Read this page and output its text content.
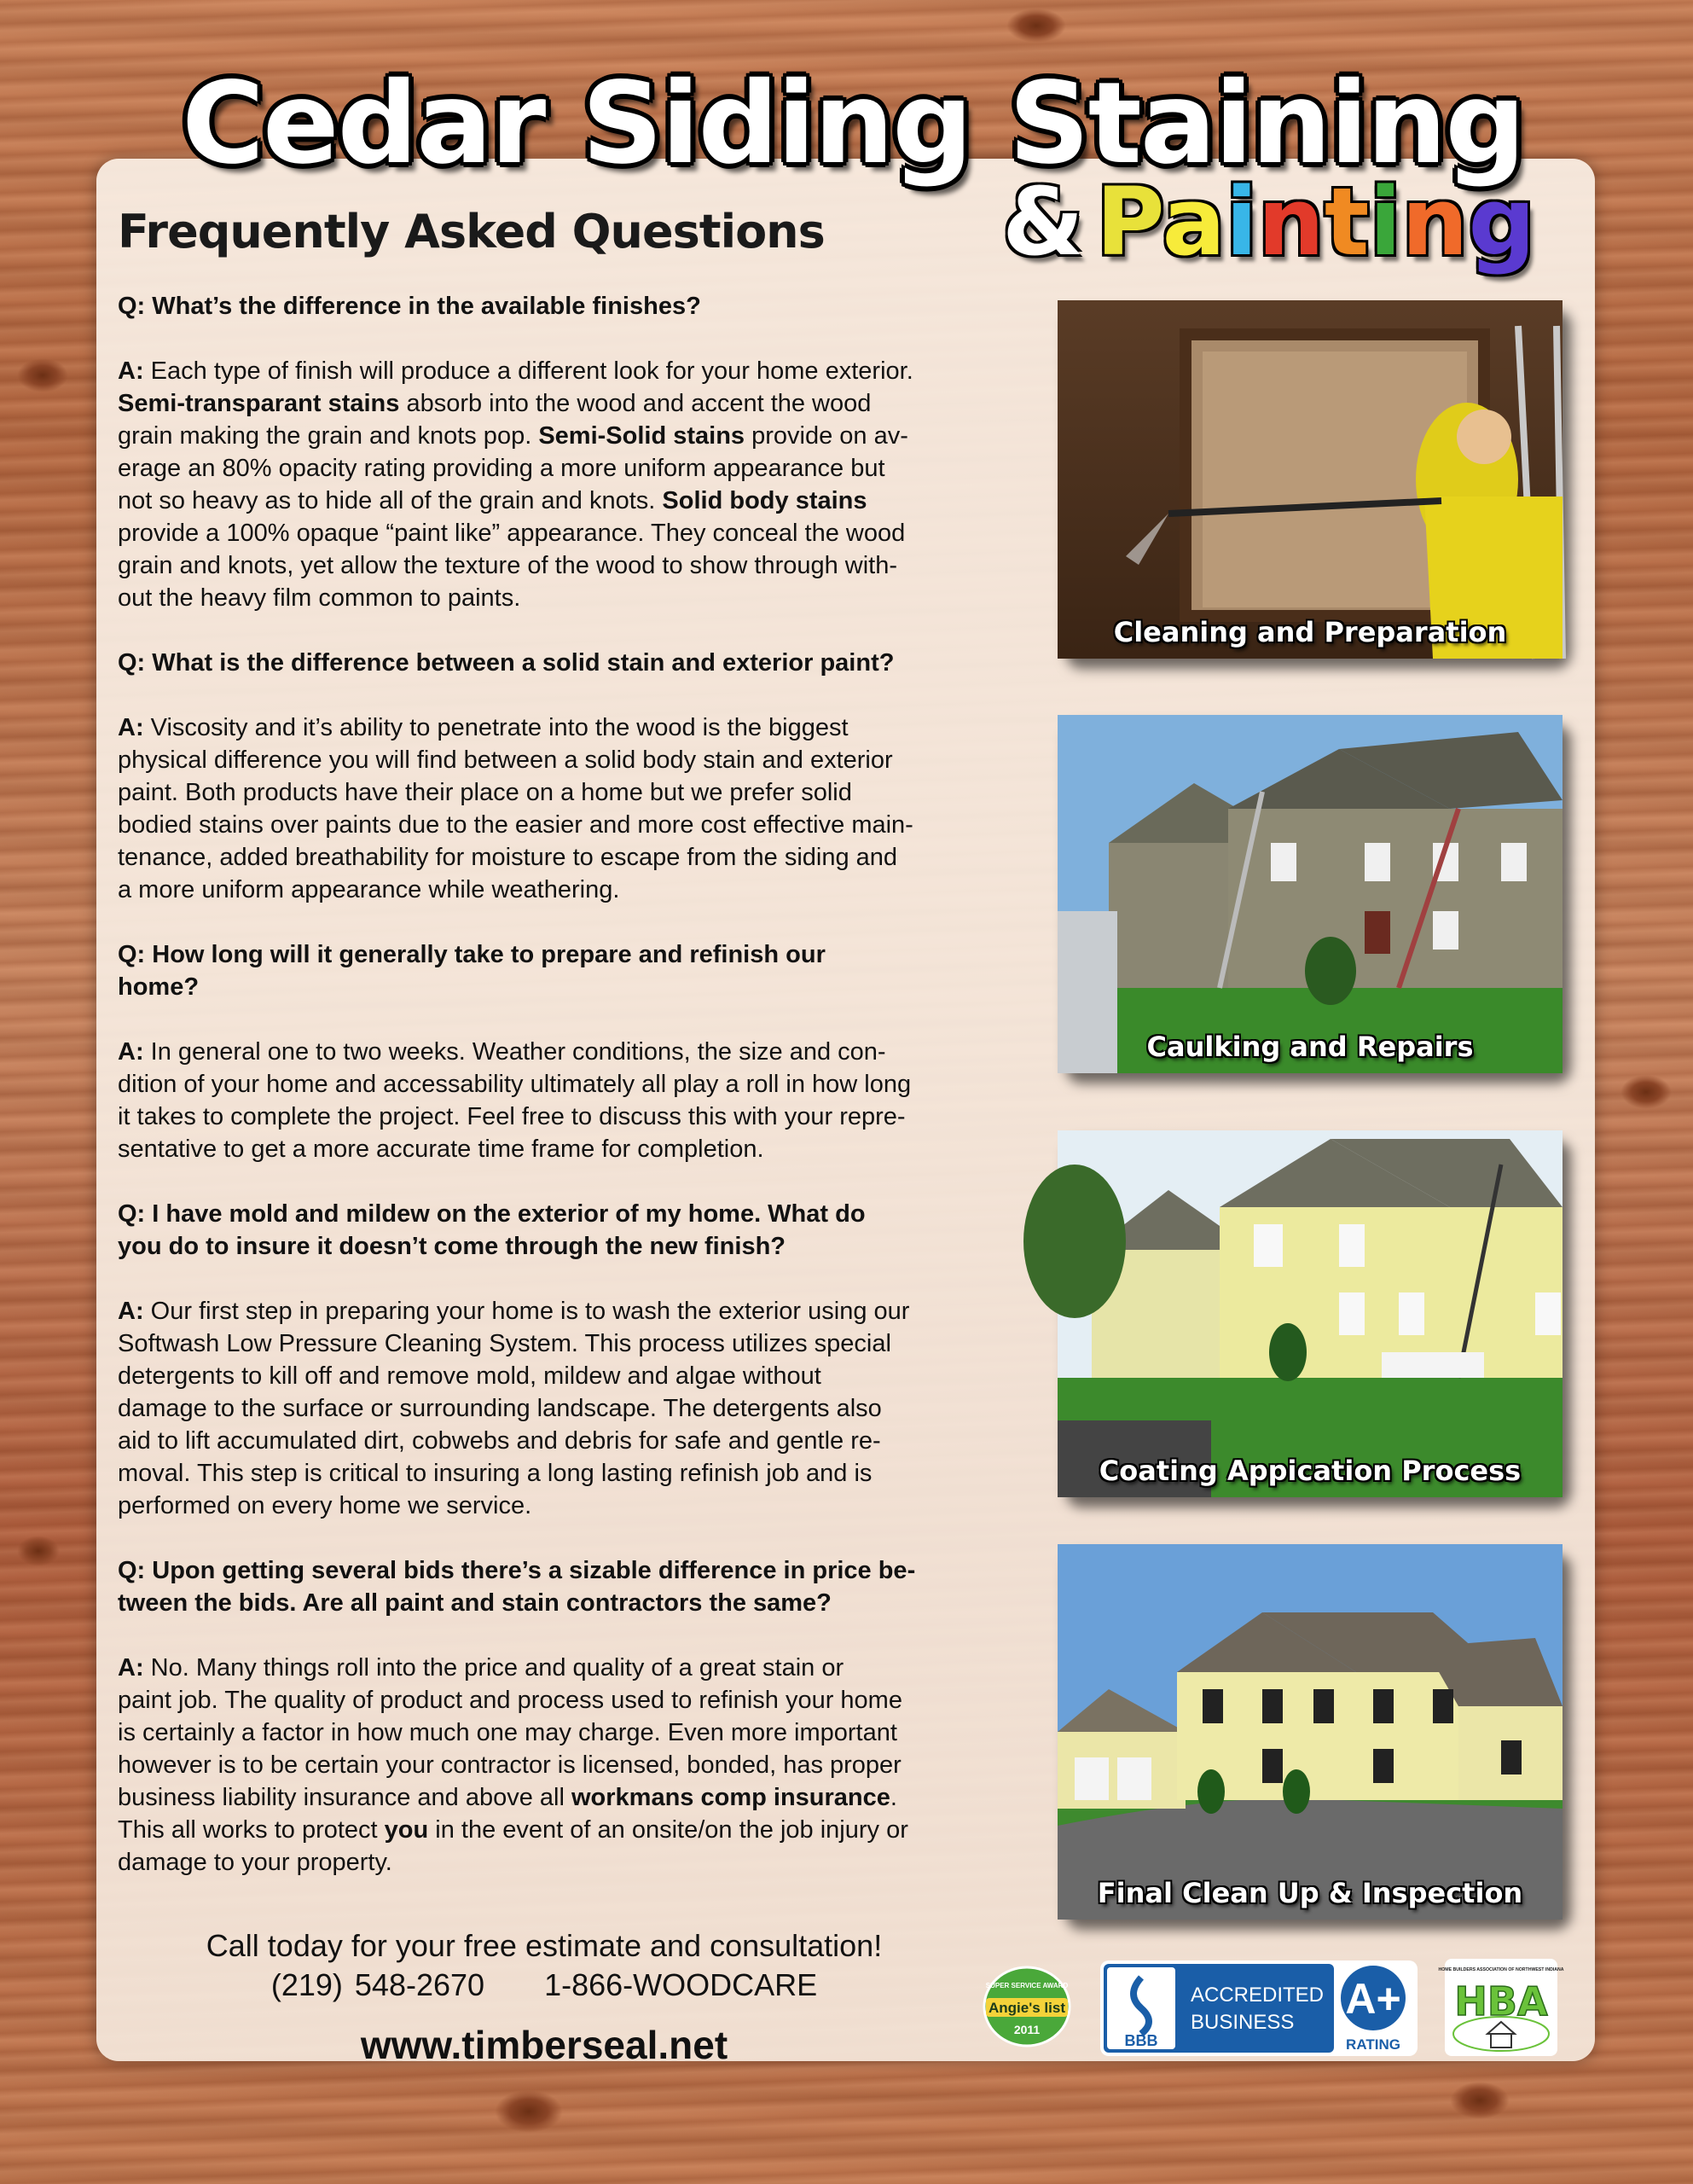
Cedar Siding Staining
Frequently Asked Questions	& Painting

Q: What’s the difference in the available finishes?

A: Each type of finish will produce a different look for your home exterior.

Semi-transparant stains absorb into the wood and accent the wood

grain making the grain and knots pop. Semi-Solid stains provide on av-

erage an 80% opacity rating providing a more uniform appearance but

not so heavy as to hide all of the grain and knots. Solid body stains

provide a 100% opaque “paint like” appearance. They conceal the wood

grain and knots, yet allow the texture of the wood to show through with-

out the heavy film common to paints.

Q: What is the difference between a solid stain and exterior paint?

A: Viscosity and it’s ability to penetrate into the wood is the biggest

physical difference you will find between a solid body stain and exterior

paint. Both products have their place on a home but we prefer solid

bodied stains over paints due to the easier and more cost effective main-

tenance, added breathability for moisture to escape from the siding and

a more uniform appearance while weathering.

Q: How long will it generally take to prepare and refinish our

home?

A: In general one to two weeks. Weather conditions, the size and con-

dition of your home and accessability ultimately all play a roll in how long

it takes to complete the project. Feel free to discuss this with your repre-

sentative to get a more accurate time frame for completion.

Q: I have mold and mildew on the exterior of my home. What do

you do to insure it doesn’t come through the new finish?

A: Our first step in preparing your home is to wash the exterior using our

Softwash Low Pressure Cleaning System. This process utilizes special

detergents to kill off and remove mold, mildew and algae without

damage to the surface or surrounding landscape. The detergents also

aid to lift accumulated dirt, cobwebs and debris for safe and gentle re-

moval. This step is critical to insuring a long lasting refinish job and is

performed on every home we service.

Q: Upon getting several bids there’s a sizable difference in price be-

tween the bids. Are all paint and stain contractors the same?

A: No. Many things roll into the price and quality of a great stain or

paint job. The quality of product and process used to refinish your home

is certainly a factor in how much one may charge. Even more important

however is to be certain your contractor is licensed, bonded, has proper

business liability insurance and above all workmans comp insurance.

This all works to protect you in the event of an onsite/on the job injury or

damage to your property.

Cleaning and Preparation
Caulking and Repairs
Coating Appication Process
Final Clean Up & Inspection
Call today for your free estimate and consultation!
(219) 548-2670 1-866-WOODCARE
www.timberseal.net
SUPER SERVICE AWARD
Angie's list
2011
BBB
ACCREDITED
BUSINESS A+
RATING
HOME BUILDERS ASSOCIATION OF NORTHWEST INDIANA
HBA
